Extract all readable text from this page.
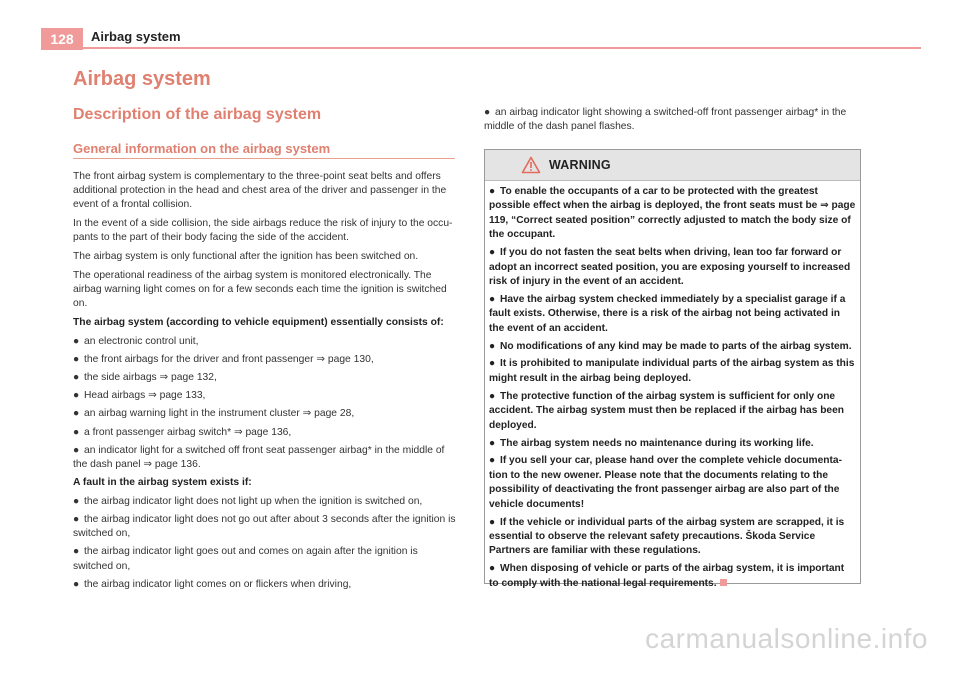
128	Airbag system
Airbag system
Description of the airbag system
General information on the airbag system

The front airbag system is complementary to the three-point seat belts and offers additional protection in the head and chest area of the driver and passenger in the event of a frontal collision.

In the event of a side collision, the side airbags reduce the risk of injury to the occu-pants to the part of their body facing the side of the accident.

The airbag system is only functional after the ignition has been switched on.

The operational readiness of the airbag system is monitored electronically. The airbag warning light comes on for a few seconds each time the ignition is switched on.

The airbag system (according to vehicle equipment) essentially consists of:

● an electronic control unit,
● the front airbags for the driver and front passenger ⇒ page 130,
● the side airbags ⇒ page 132,
● Head airbags ⇒ page 133,
● an airbag warning light in the instrument cluster ⇒ page 28,
● a front passenger airbag switch* ⇒ page 136,
● an indicator light for a switched off front seat passenger airbag* in the middle of the dash panel ⇒ page 136.

A fault in the airbag system exists if:

● the airbag indicator light does not light up when the ignition is switched on,
● the airbag indicator light does not go out after about 3 seconds after the ignition is switched on,
● the airbag indicator light goes out and comes on again after the ignition is switched on,
● the airbag indicator light comes on or flickers when driving,
● an airbag indicator light showing a switched-off front passenger airbag* in the middle of the dash panel flashes.
WARNING
● To enable the occupants of a car to be protected with the greatest possible effect when the airbag is deployed, the front seats must be ⇒ page 119, “Correct seated position” correctly adjusted to match the body size of the occupant.
● If you do not fasten the seat belts when driving, lean too far forward or adopt an incorrect seated position, you are exposing yourself to increased risk of injury in the event of an accident.
● Have the airbag system checked immediately by a specialist garage if a fault exists. Otherwise, there is a risk of the airbag not being activated in the event of an accident.
● No modifications of any kind may be made to parts of the airbag system.
● It is prohibited to manipulate individual parts of the airbag system as this might result in the airbag being deployed.
● The protective function of the airbag system is sufficient for only one accident. The airbag system must then be replaced if the airbag has been deployed.
● The airbag system needs no maintenance during its working life.
● If you sell your car, please hand over the complete vehicle documenta-tion to the new owener. Please note that the documents relating to the possibility of deactivating the front passenger airbag are also part of the vehicle documents!
● If the vehicle or individual parts of the airbag system are scrapped, it is essential to observe the relevant safety precautions. Škoda Service Partners are familiar with these regulations.
● When disposing of vehicle or parts of the airbag system, it is important to comply with the national legal requirements.
carmanualsonline.info
